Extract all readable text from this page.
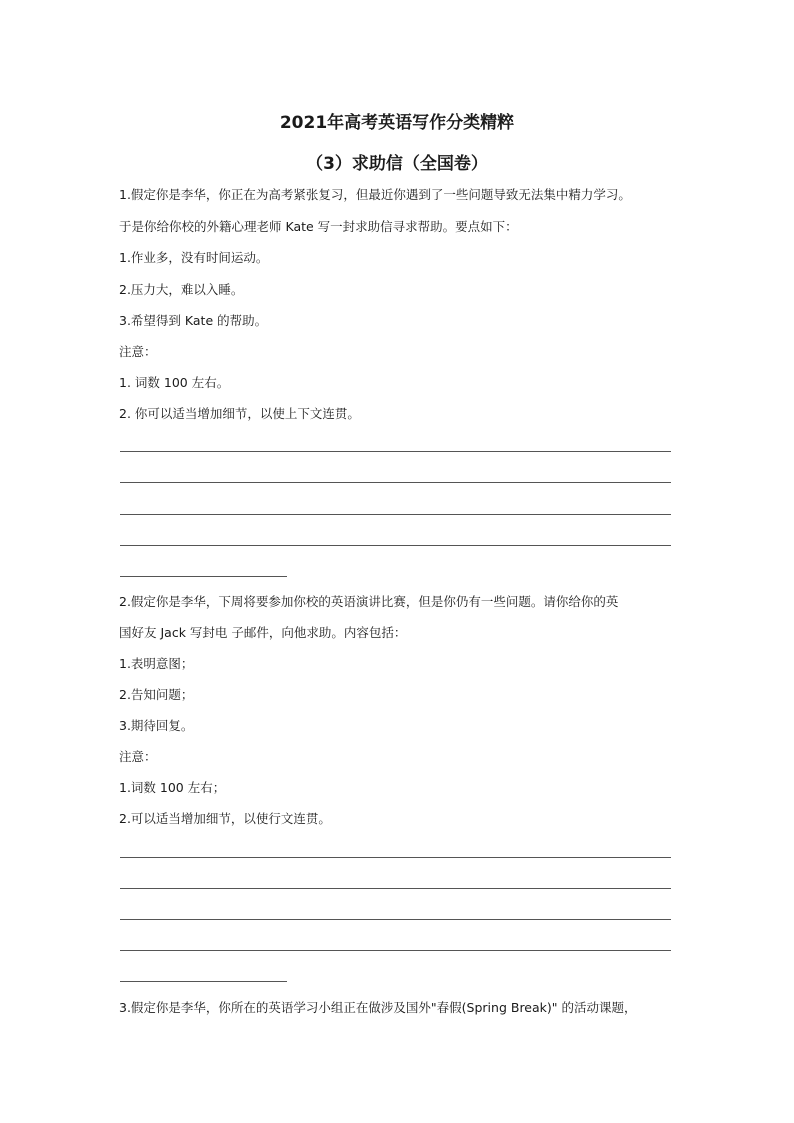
2021年高考英语写作分类精粹
（3）求助信（全国卷）
1.假定你是李华，你正在为高考紧张复习，但最近你遇到了一些问题导致无法集中精力学习。
于是你给你校的外籍心理老师 Kate 写一封求助信寻求帮助。要点如下：
1.作业多，没有时间运动。
2.压力大，难以入睡。
3.希望得到 Kate 的帮助。
注意：
1. 词数 100 左右。
2. 你可以适当增加细节，以使上下文连贯。
2.假定你是李华，下周将要参加你校的英语演讲比赛，但是你仍有一些问题。请你给你的英
国好友 Jack 写封电 子邮件，向他求助。内容包括：
1.表明意图；
2.告知问题；
3.期待回复。
注意：
1.词数 100 左右；
2.可以适当增加细节，以使行文连贯。
3.假定你是李华，你所在的英语学习小组正在做涉及国外"春假(Spring Break)" 的活动课题，
